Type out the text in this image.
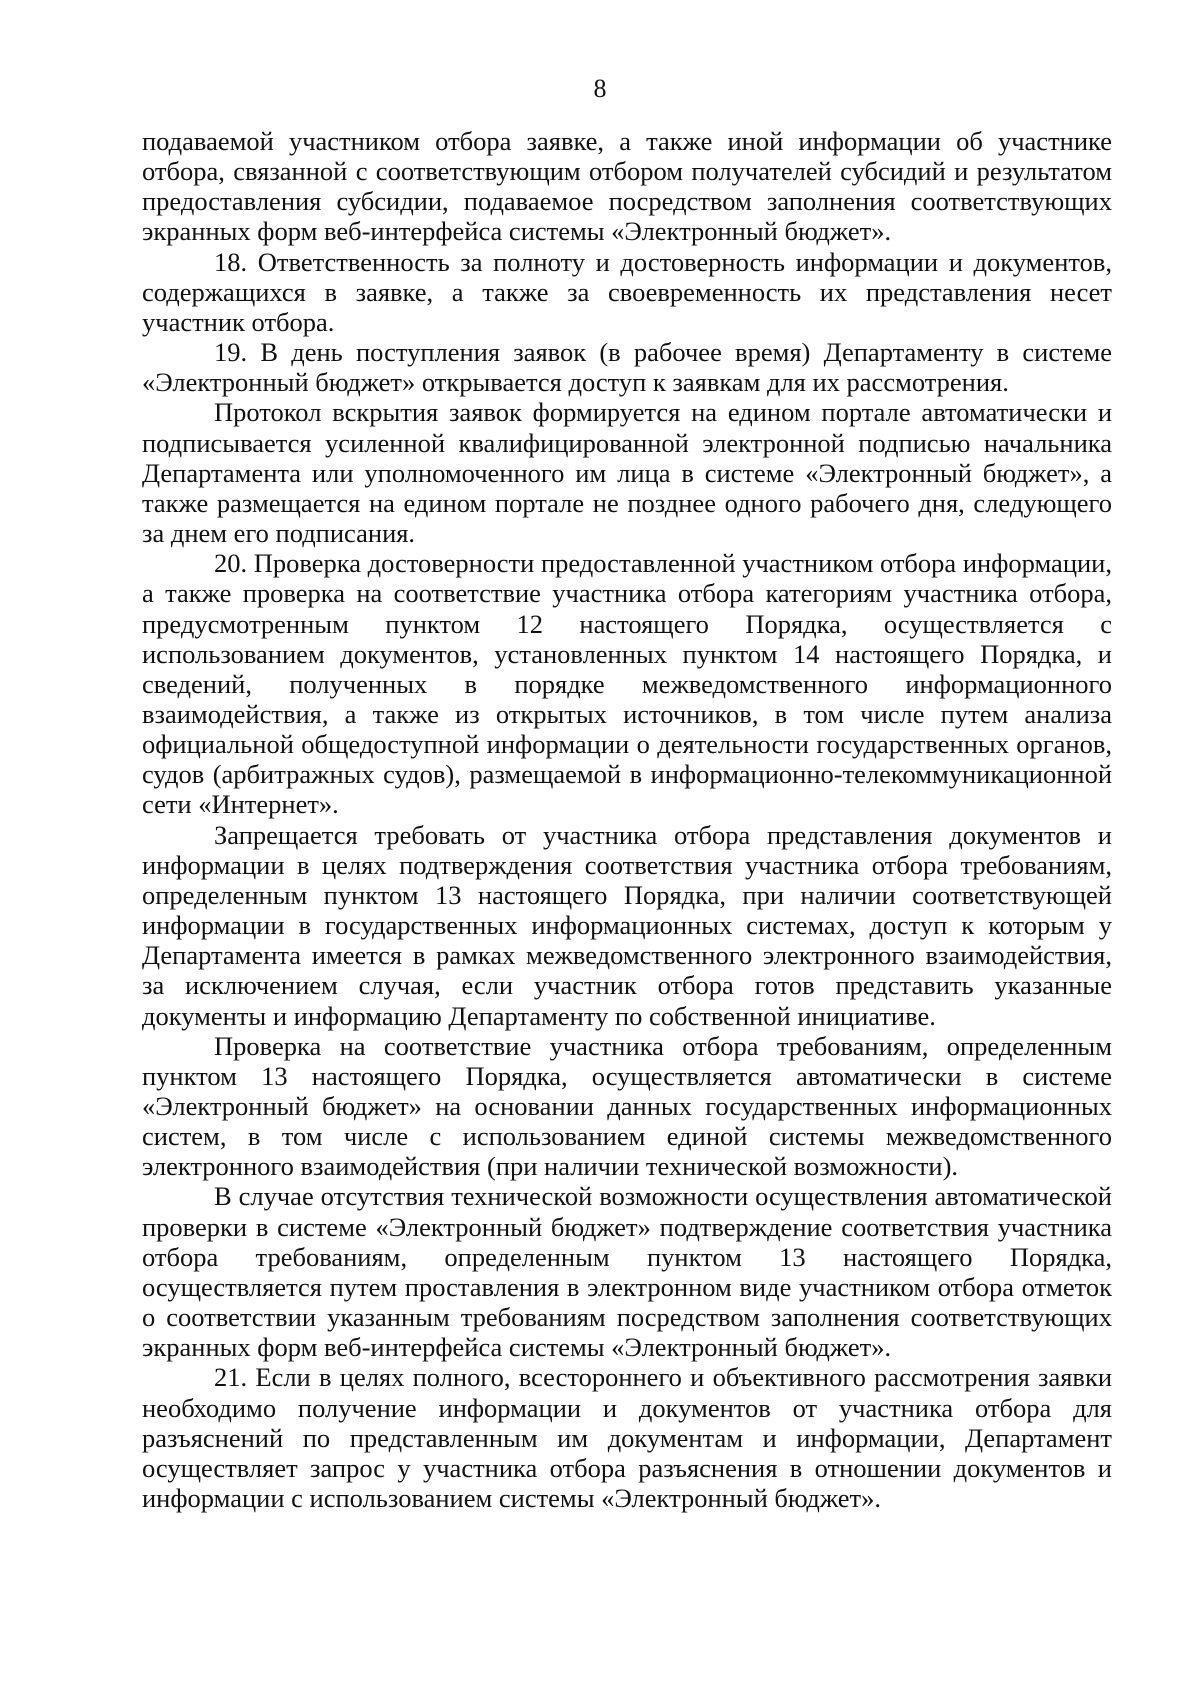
8

подаваемой участником отбора заявке, а также иной информации об участнике отбора, связанной с соответствующим отбором получателей субсидий и результатом предоставления субсидии, подаваемое посредством заполнения соответствующих экранных форм веб-интерфейса системы «Электронный бюджет».

18. Ответственность за полноту и достоверность информации и документов, содержащихся в заявке, а также за своевременность их представления несет участник отбора.

19. В день поступления заявок (в рабочее время) Департаменту в системе «Электронный бюджет» открывается доступ к заявкам для их рассмотрения.

Протокол вскрытия заявок формируется на едином портале автоматически и подписывается усиленной квалифицированной электронной подписью начальника Департамента или уполномоченного им лица в системе «Электронный бюджет», а также размещается на едином портале не позднее одного рабочего дня, следующего за днем его подписания.

20. Проверка достоверности предоставленной участником отбора информации, а также проверка на соответствие участника отбора категориям участника отбора, предусмотренным пунктом 12 настоящего Порядка, осуществляется с использованием документов, установленных пунктом 14 настоящего Порядка, и сведений, полученных в порядке межведомственного информационного взаимодействия, а также из открытых источников, в том числе путем анализа официальной общедоступной информации о деятельности государственных органов, судов (арбитражных судов), размещаемой в информационно-телекоммуникационной сети «Интернет».

Запрещается требовать от участника отбора представления документов и информации в целях подтверждения соответствия участника отбора требованиям, определенным пунктом 13 настоящего Порядка, при наличии соответствующей информации в государственных информационных системах, доступ к которым у Департамента имеется в рамках межведомственного электронного взаимодействия, за исключением случая, если участник отбора готов представить указанные документы и информацию Департаменту по собственной инициативе.

Проверка на соответствие участника отбора требованиям, определенным пунктом 13 настоящего Порядка, осуществляется автоматически в системе «Электронный бюджет» на основании данных государственных информационных систем, в том числе с использованием единой системы межведомственного электронного взаимодействия (при наличии технической возможности).

В случае отсутствия технической возможности осуществления автоматической проверки в системе «Электронный бюджет» подтверждение соответствия участника отбора требованиям, определенным пунктом 13 настоящего Порядка, осуществляется путем проставления в электронном виде участником отбора отметок о соответствии указанным требованиям посредством заполнения соответствующих экранных форм веб-интерфейса системы «Электронный бюджет».

21. Если в целях полного, всестороннего и объективного рассмотрения заявки необходимо получение информации и документов от участника отбора для разъяснений по представленным им документам и информации, Департамент осуществляет запрос у участника отбора разъяснения в отношении документов и информации с использованием системы «Электронный бюджет».
